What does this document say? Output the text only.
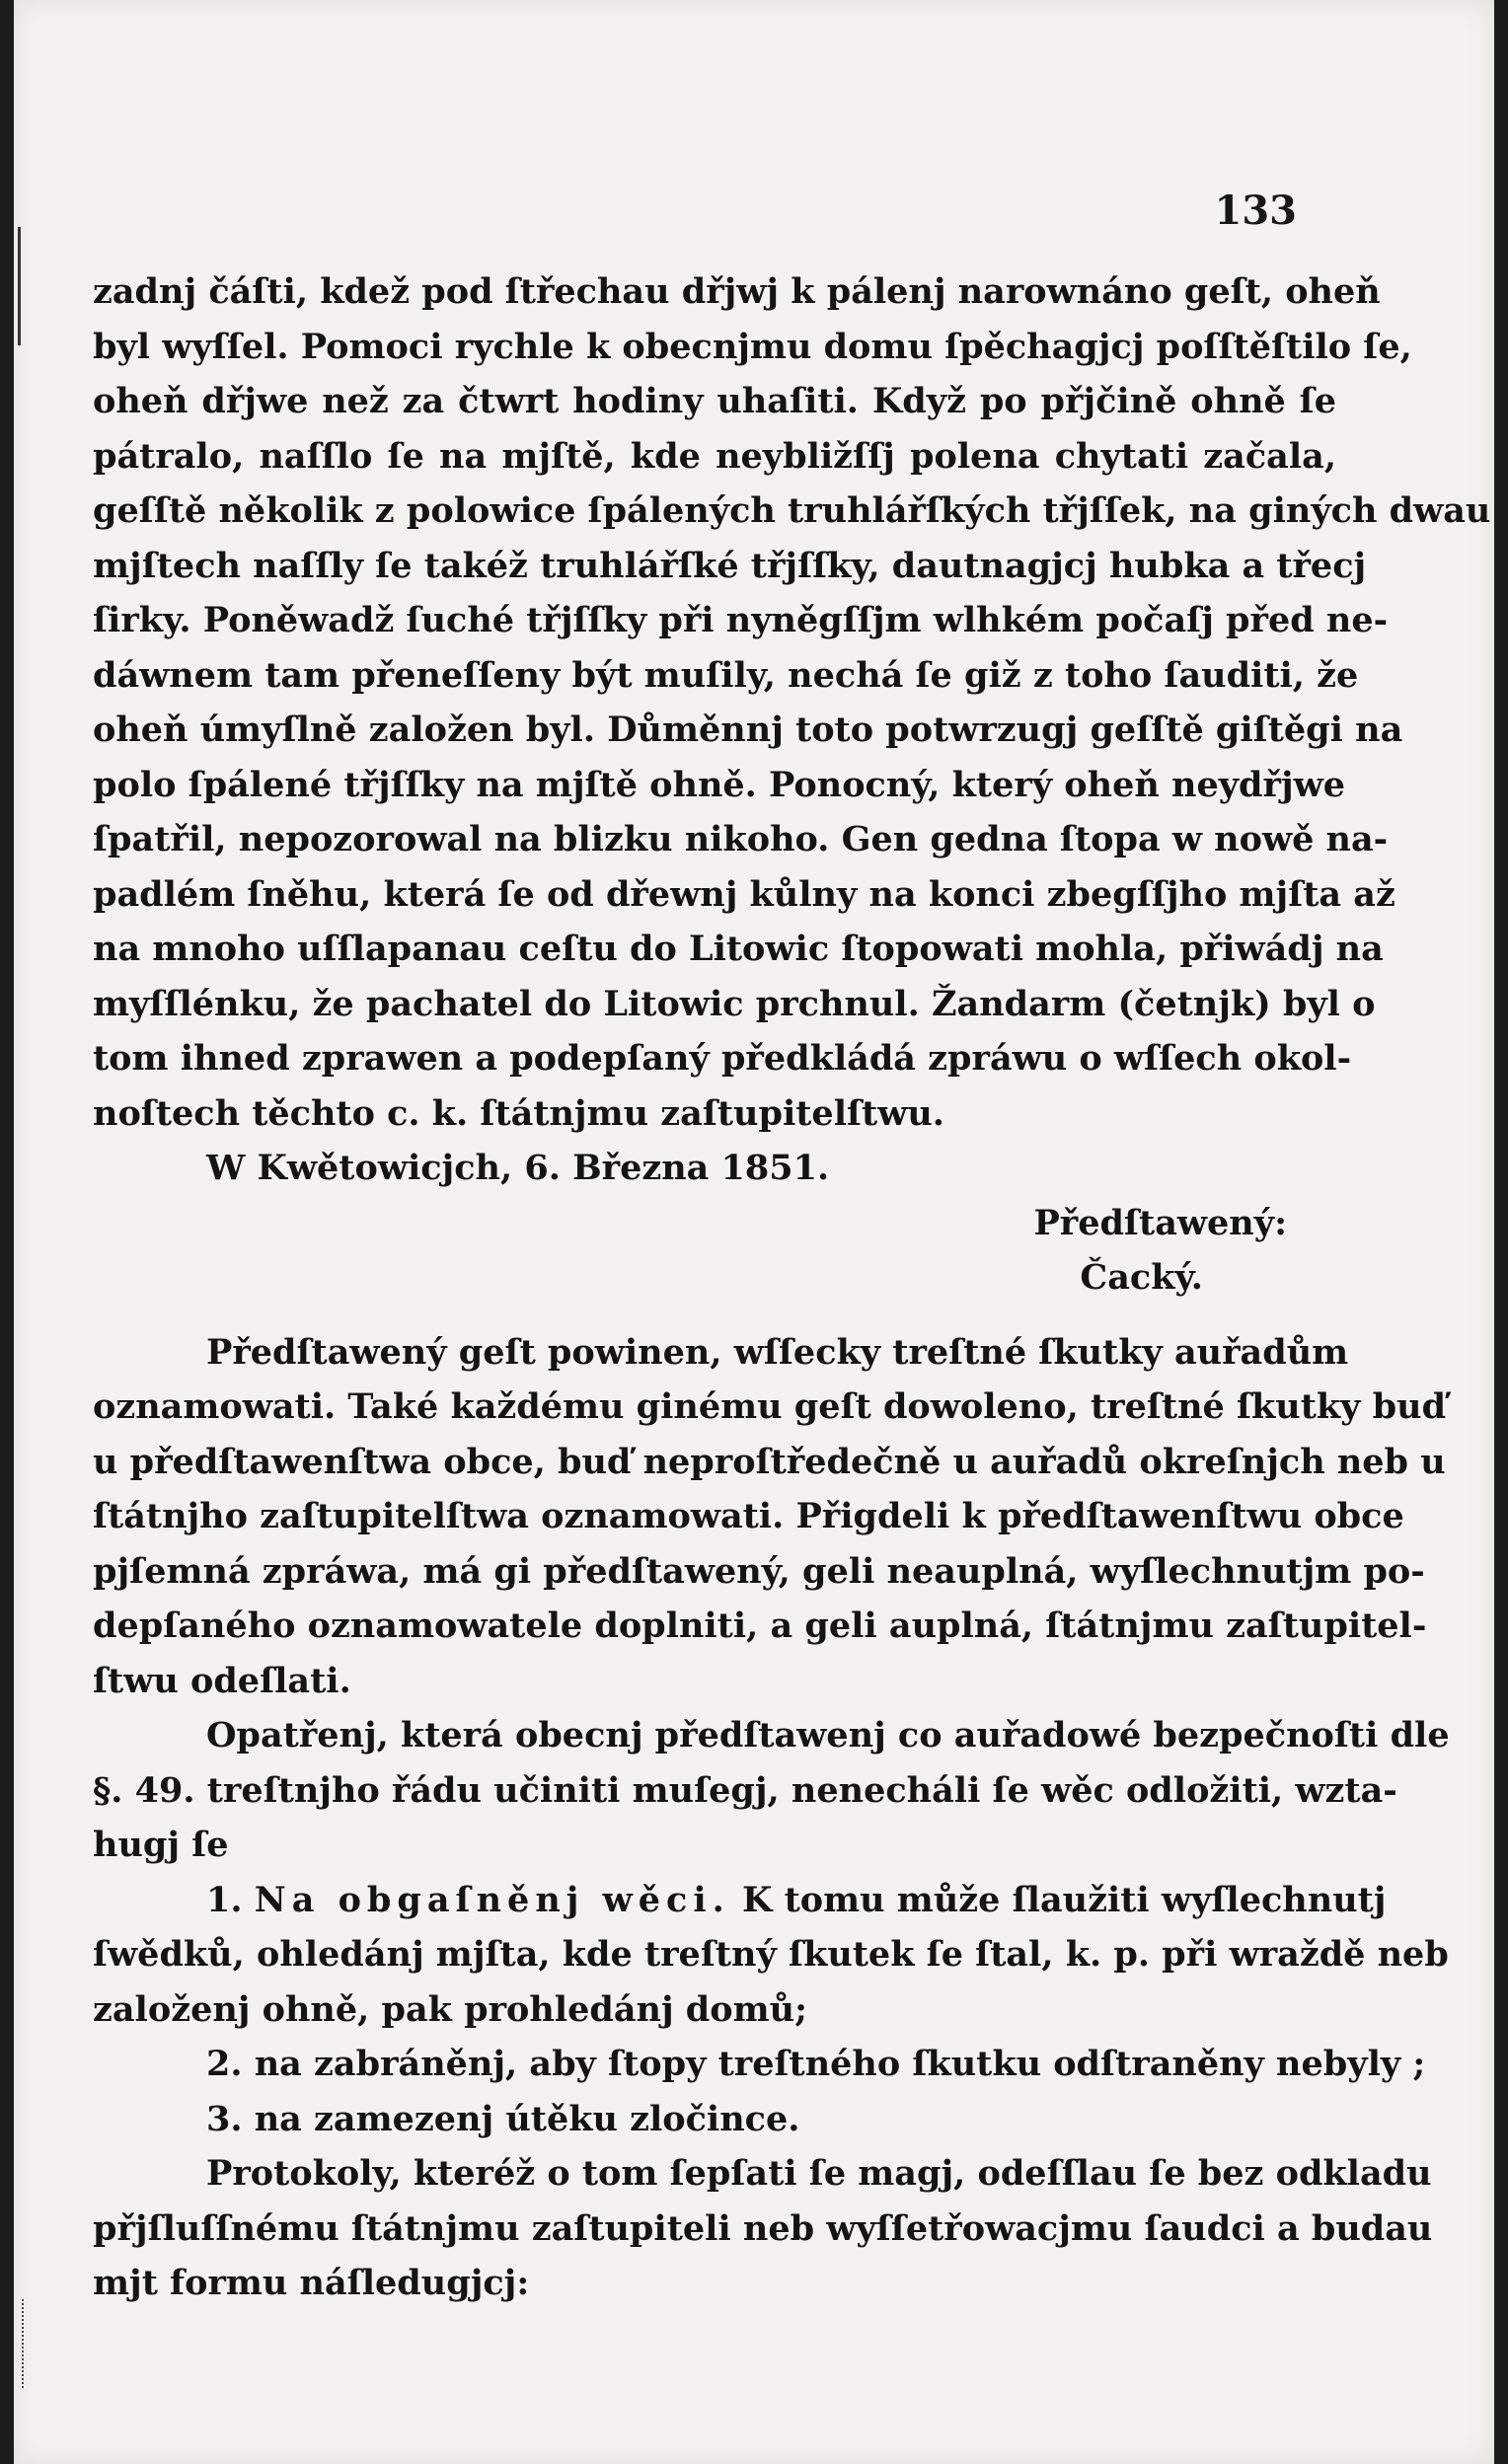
133

zadnj čáſti, kdež pod ſtřechau dřjwj k pálenj narownáno geſt, oheň
byl wyſſel. Pomoci rychle k obecnjmu domu ſpěchagjcj poſſtěſtilo ſe,
oheň dřjwe než za čtwrt hodiny uhaſiti. Když po přjčině ohně ſe
pátralo, naſſlo ſe na mjſtě, kde neybližſſj polena chytati začala,
geſſtě několik z polowice ſpálených truhlářſkých třjſſek, na giných dwau
mjſtech naſſly ſe takéž truhlářſké třjſſky, dautnagjcj hubka a třecj
ſirky. Poněwadž ſuché třjſſky při nyněgſſjm wlhkém počaſj před ne-
dáwnem tam přeneſſeny být muſily, nechá ſe giž z toho ſauditi, že
oheň úmyſlně založen byl. Důměnnj toto potwrzugj geſſtě giſtěgi na
polo ſpálené třjſſky na mjſtě ohně. Ponocný, který oheň neydřjwe
ſpatřil, nepozorowal na blizku nikoho. Gen gedna ſtopa w nowě na-
padlém ſněhu, která ſe od dřewnj kůlny na konci zbegſſjho mjſta až
na mnoho uſſlapanau ceſtu do Litowic ſtopowati mohla, přiwádj na
myſſlénku, že pachatel do Litowic prchnul. Žandarm (četnjk) byl o
tom ihned zprawen a podepſaný předkládá zpráwu o wſſech okol-
noſtech těchto c. k. ſtátnjmu zaſtupitelſtwu.

W Kwětowicjch, 6. Března 1851.

Předſtawený:
Čacký.

Předſtawený geſt powinen, wſſecky treſtné ſkutky auřadům
oznamowati. Také každému ginému geſt dowoleno, treſtné ſkutky buď
u předſtawenſtwa obce, buď neproſtředečně u auřadů okreſnjch neb u
ſtátnjho zaſtupitelſtwa oznamowati. Přigdeli k předſtawenſtwu obce
pjſemná zpráwa, má gi předſtawený, geli neauplná, wyſlechnutjm po-
depſaného oznamowatele doplniti, a geli auplná, ſtátnjmu zaſtupitel-
ſtwu odeſlati.

Opatřenj, která obecnj předſtawenj co auřadowé bezpečnoſti dle
§. 49. treſtnjho řádu učiniti muſegj, nenecháli ſe wěc odložiti, wzta-
hugj ſe

1. Na obgaſněnj wěci. K tomu může ſlaužiti wyſlechnutj
ſwědků, ohledánj mjſta, kde treſtný ſkutek ſe ſtal, k. p. při wraždě neb
založenj ohně, pak prohledánj domů;
2. na zabráněnj, aby ſtopy treſtného ſkutku odſtraněny nebyly ;
3. na zamezenj útěku zločince.

Protokoly, kteréž o tom ſepſati ſe magj, odeſſlau ſe bez odkladu
přjſluſſnému ſtátnjmu zaſtupiteli neb wyſſetřowacjmu ſaudci a budau
mjt formu náſledugjcj:
